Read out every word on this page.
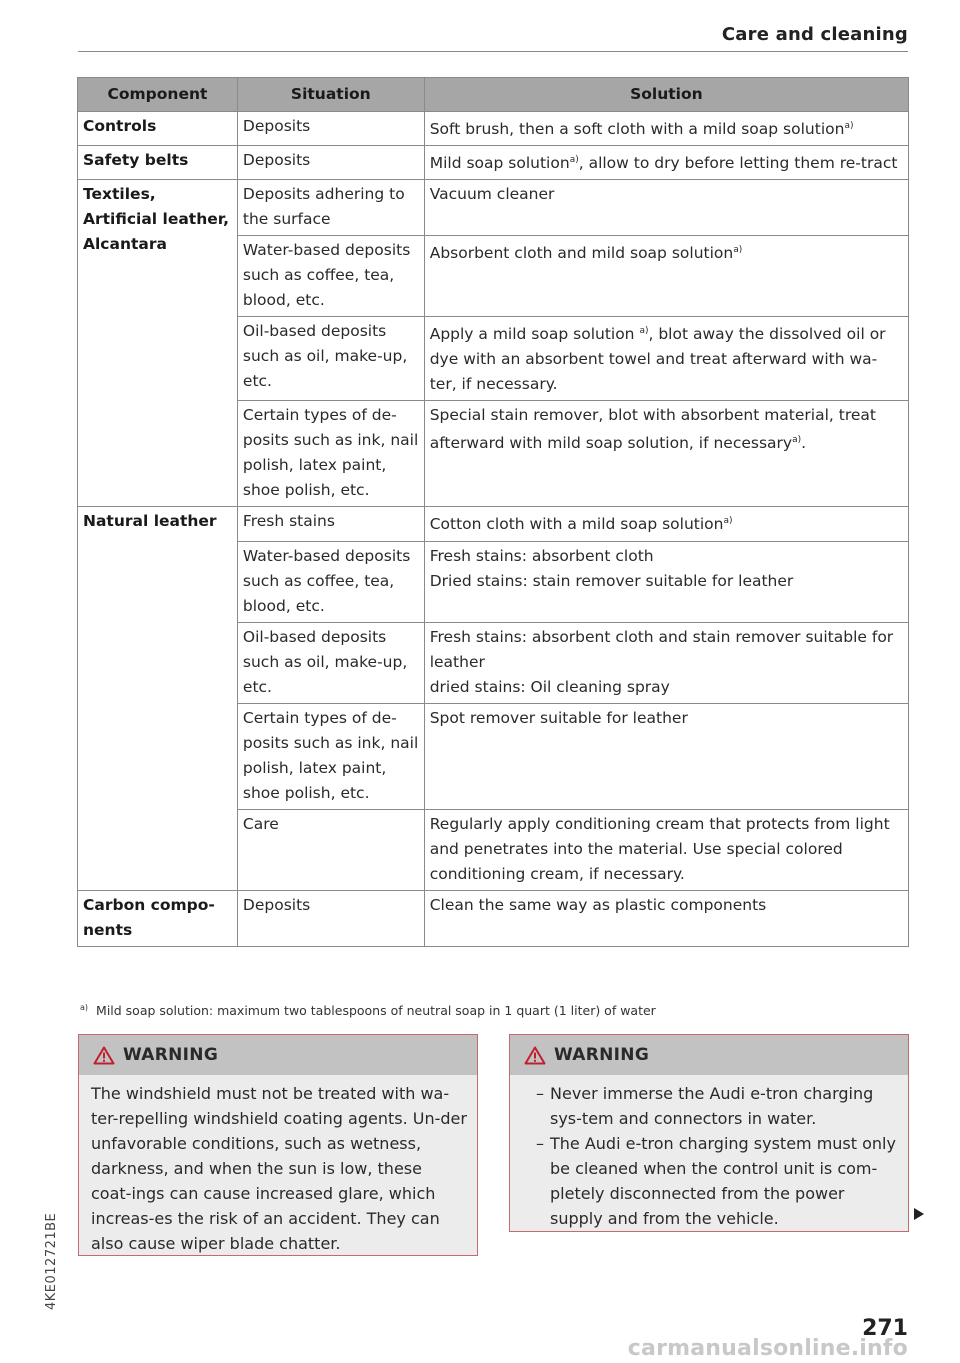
Care and cleaning
Component	Situation	Solution
Controls	Deposits	Soft brush, then a soft cloth with a mild soap solution$^{a)}$
Safety belts	Deposits	Mild soap solution$^{a)}$, allow to dry before letting them re-tract
Textiles, Artificial leather, Alcantara	Deposits adhering to the surface	Vacuum cleaner
	Water-based deposits such as coffee, tea, blood, etc.	Absorbent cloth and mild soap solution$^{a)}$
	Oil-based deposits such as oil, make-up, etc.	Apply a mild soap solution $^{a)}$, blot away the dissolved oil or dye with an absorbent towel and treat afterward with wa-ter, if necessary.
	Certain types of de-posits such as ink, nail polish, latex paint, shoe polish, etc.	Special stain remover, blot with absorbent material, treat afterward with mild soap solution, if necessary$^{a)}$.
Natural leather	Fresh stains	Cotton cloth with a mild soap solution$^{a)}$
	Water-based deposits such as coffee, tea, blood, etc.	Fresh stains: absorbent cloth
Dried stains: stain remover suitable for leather

	Oil-based deposits such as oil, make-up, etc.	Fresh stains: absorbent cloth and stain remover suitable for leather
dried stains: Oil cleaning spray

	Certain types of de-posits such as ink, nail polish, latex paint, shoe polish, etc.	Spot remover suitable for leather
	Care	Regularly apply conditioning cream that protects from light and penetrates into the material. Use special colored conditioning cream, if necessary.
Carbon compo-nents	Deposits	Clean the same way as plastic components
$^{a)}$ Mild soap solution: maximum two tablespoons of neutral soap in 1 quart (1 liter) of water
WARNING
The windshield must not be treated with wa-ter-repelling windshield coating agents. Un-der unfavorable conditions, such as wetness, darkness, and when the sun is low, these coat-ings can cause increased glare, which increas-es the risk of an accident. They can also cause wiper blade chatter.
WARNING
– Never immerse the Audi e-tron charging sys-tem and connectors in water.
– The Audi e-tron charging system must only be cleaned when the control unit is com-pletely disconnected from the power supply and from the vehicle.
4KE012721BE
271
carmanualsonline.info
